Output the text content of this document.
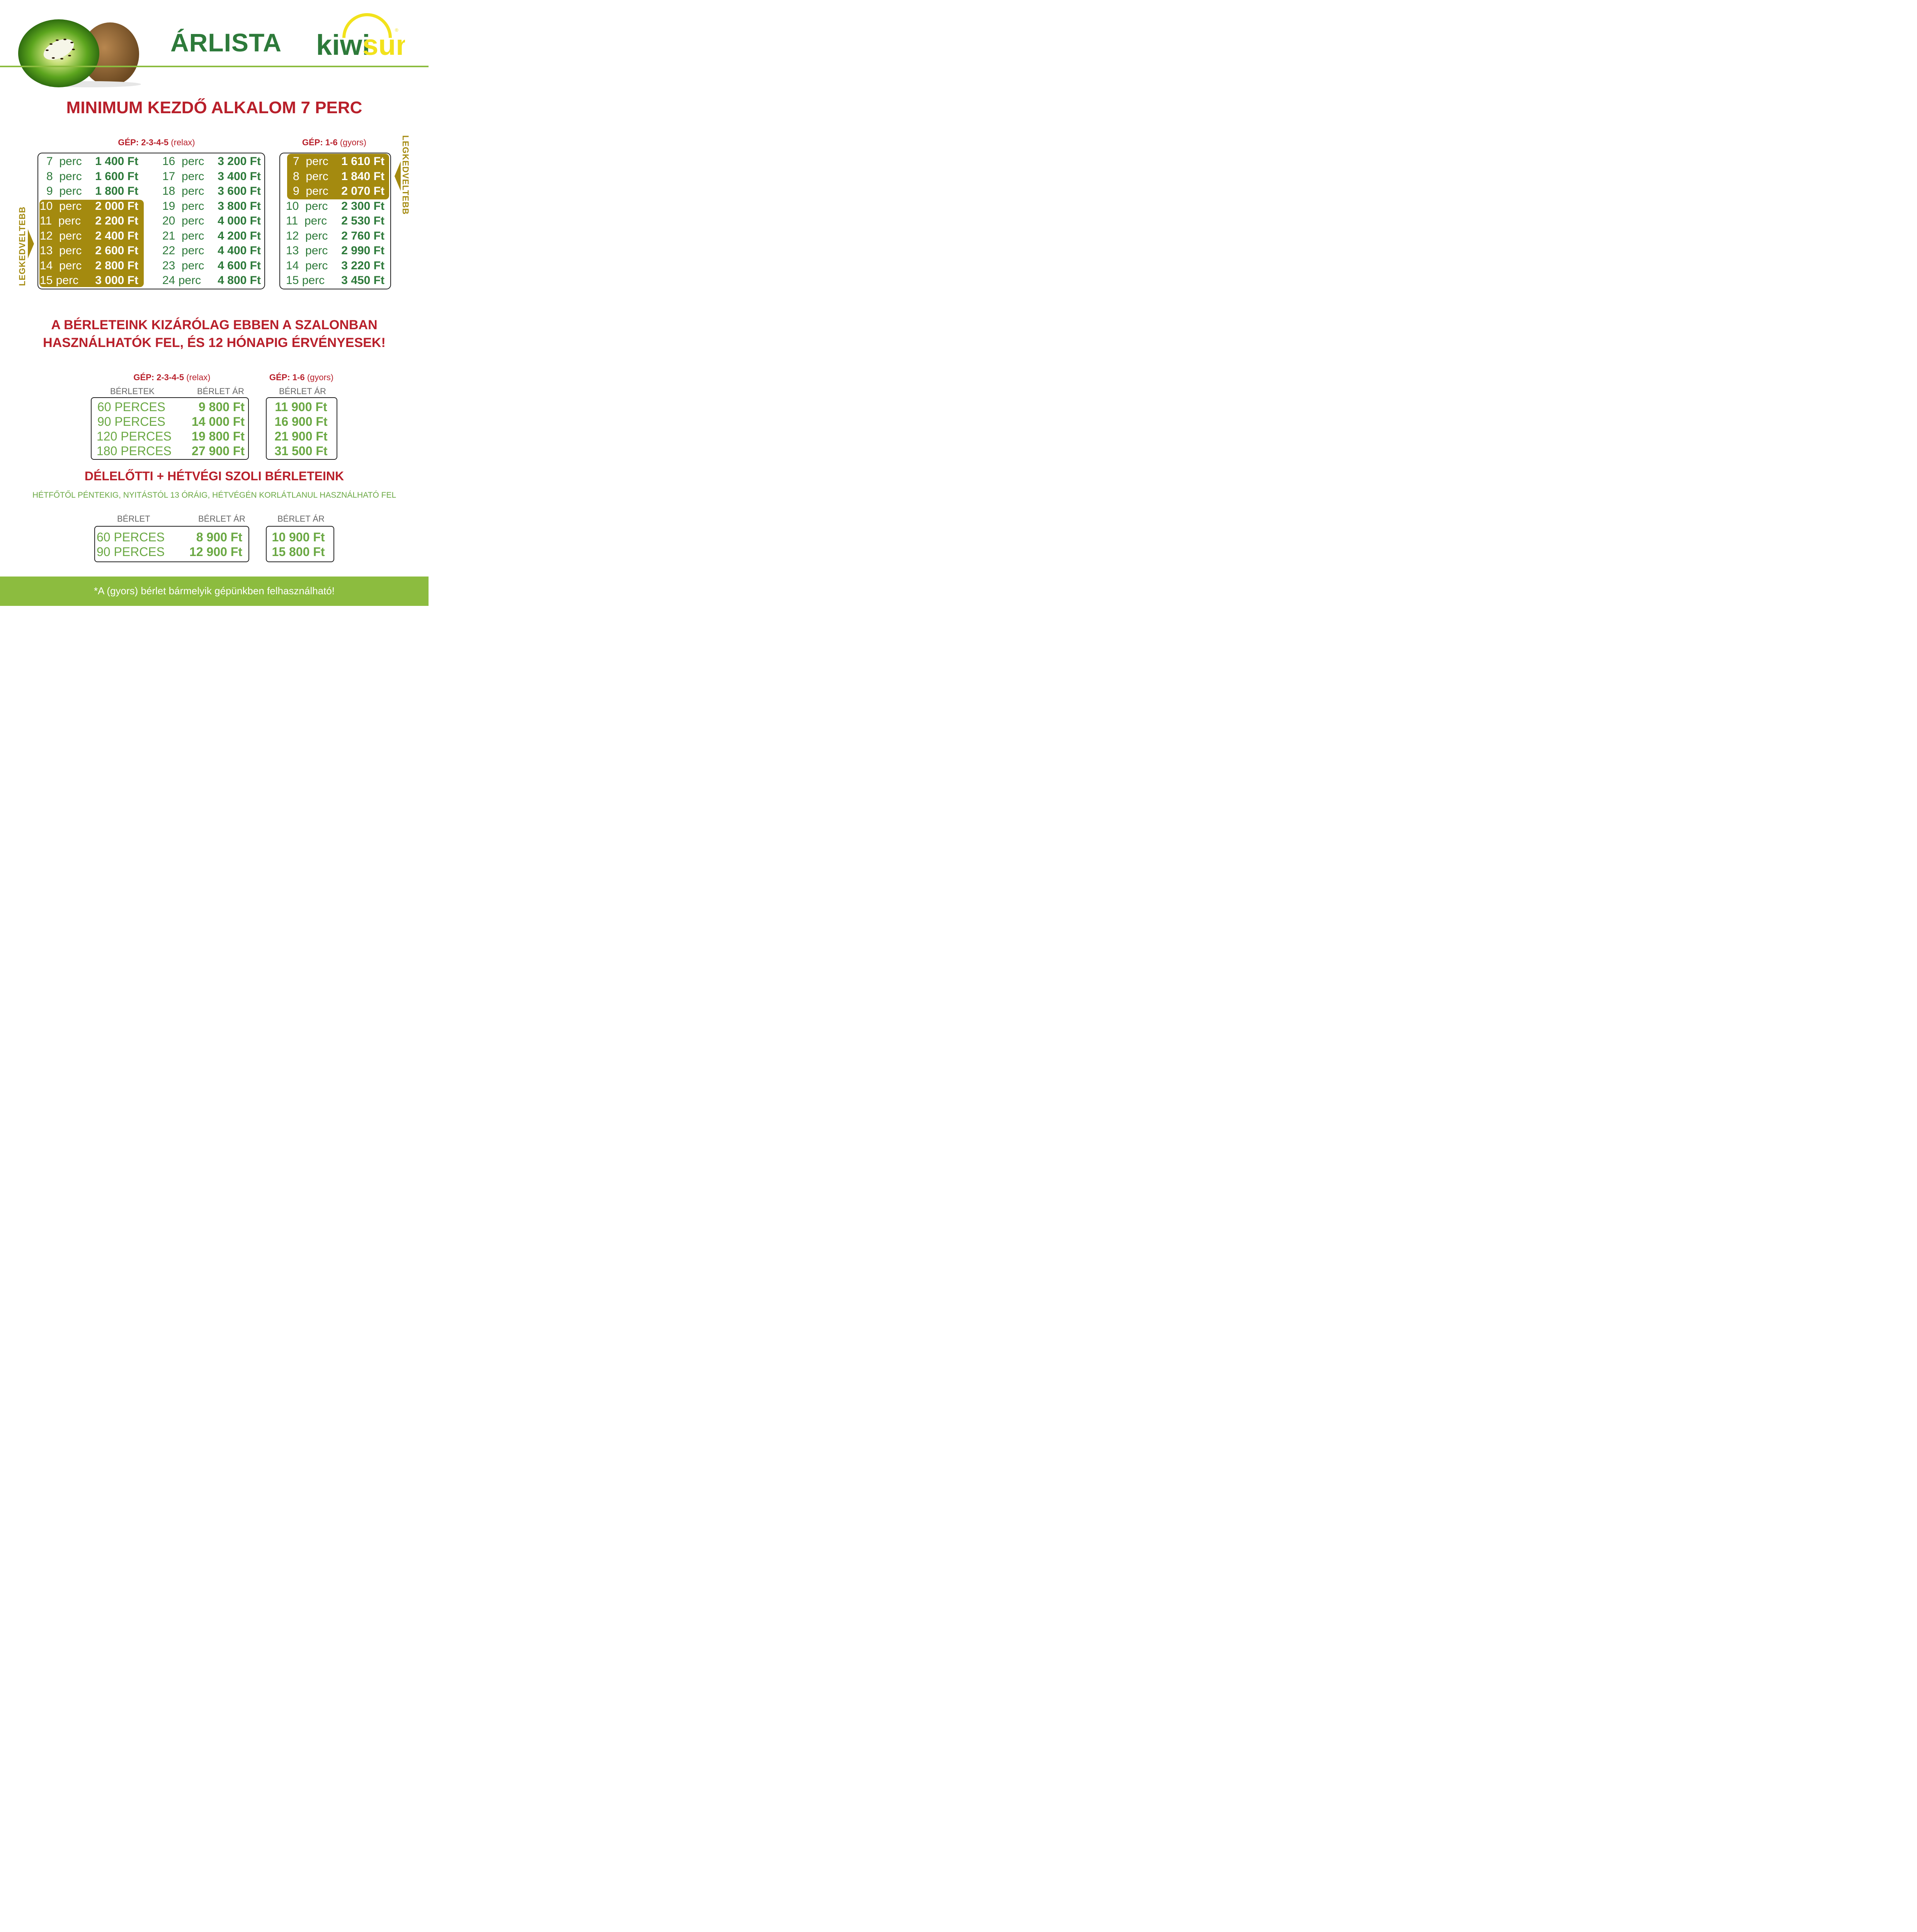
ÁRLISTA kiwi
sun
®
MINIMUM KEZDŐ ALKALOM 7 PERC
GÉP: 2-3-4-5 (relax)
7  perc	1 400 Ft
8  perc	1 600 Ft
9  perc	1 800 Ft
10  perc	2 000 Ft
11  perc	2 200 Ft
12  perc	2 400 Ft
13  perc	2 600 Ft
14  perc	2 800 Ft
15 perc	3 000 Ft
16  perc	3 200 Ft
17  perc	3 400 Ft
18  perc	3 600 Ft
19  perc	3 800 Ft
20  perc	4 000 Ft
21  perc	4 200 Ft
22  perc	4 400 Ft
23  perc	4 600 Ft
24 perc	4 800 Ft
LEGKEDVELTEBB
GÉP: 1-6 (gyors)
7  perc	1 610 Ft
8  perc	1 840 Ft
9  perc	2 070 Ft
10  perc	2 300 Ft
11  perc	2 530 Ft
12  perc	2 760 Ft
13  perc	2 990 Ft
14  perc	3 220 Ft
15 perc	3 450 Ft
LEGKEDVELTEBB
A BÉRLETEINK KIZÁRÓLAG EBBEN A SZALONBAN
HASZNÁLHATÓK FEL, ÉS 12 HÓNAPIG ÉRVÉNYESEK!
GÉP: 2-3-4-5 (relax)	GÉP: 1-6 (gyors)
BÉRLETEK	BÉRLET ÁR	BÉRLET ÁR
60 PERCES	9 800 Ft 11 900 Ft
90 PERCES	14 000 Ft 16 900 Ft
120 PERCES	19 800 Ft 21 900 Ft
180 PERCES	27 900 Ft 31 500 Ft
DÉLELŐTTI + HÉTVÉGI SZOLI BÉRLETEINK
HÉTFŐTŐL PÉNTEKIG, NYITÁSTÓL 13 ÓRÁIG, HÉTVÉGÉN KORLÁTLANUL HASZNÁLHATÓ FEL
BÉRLET	BÉRLET ÁR	BÉRLET ÁR
60 PERCES	8 900 Ft 10 900 Ft
90 PERCES	12 900 Ft 15 800 Ft
*A (gyors) bérlet bármelyik gépünkben felhasználható!
